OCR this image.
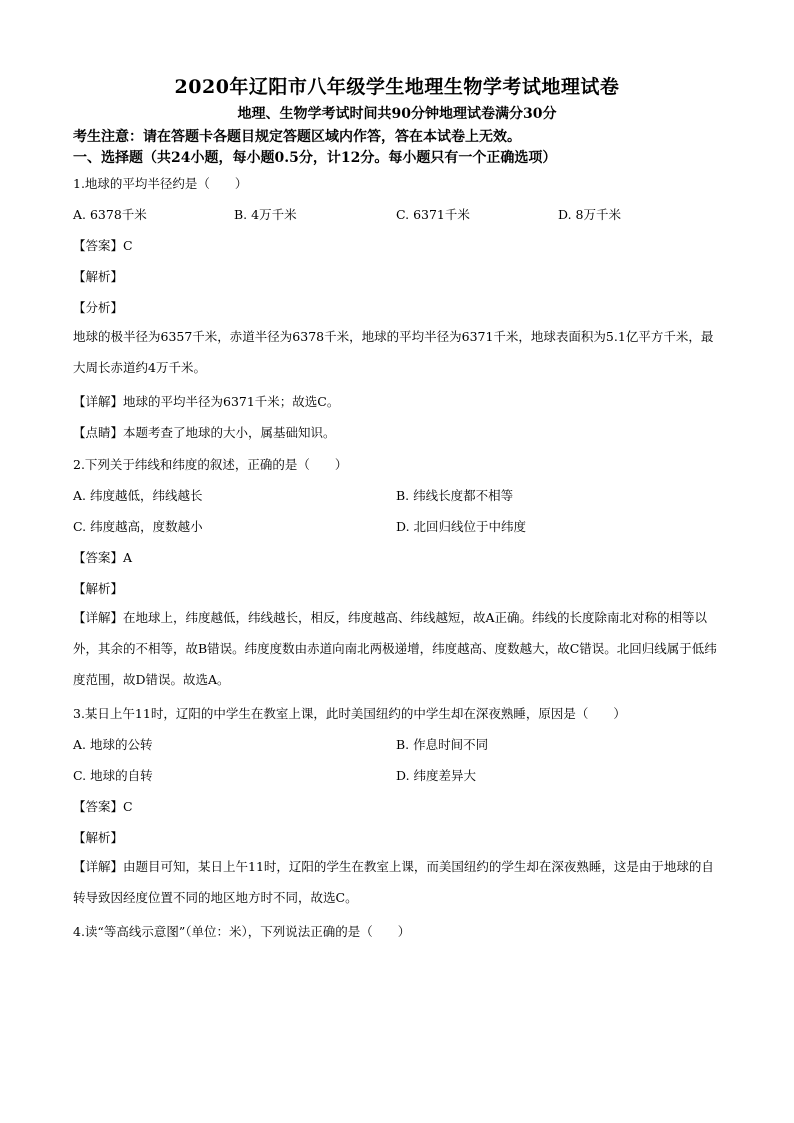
2020年辽阳市八年级学生地理生物学考试地理试卷
地理、生物学考试时间共90分钟地理试卷满分30分
考生注意：请在答题卡各题目规定答题区域内作答，答在本试卷上无效。
一、选择题（共24小题，每小题0.5分，计12分。每小题只有一个正确选项）
1.地球的平均半径约是（　　）
A. 6378千米	B. 4万千米	C. 6371千米	D. 8万千米
【答案】C
【解析】
【分析】
地球的极半径为6357千米，赤道半径为6378千米，地球的平均半径为6371千米，地球表面积为5.1亿平方千米，最大周长赤道约4万千米。
【详解】地球的平均半径为6371千米；故选C。
【点睛】本题考查了地球的大小，属基础知识。
2.下列关于纬线和纬度的叙述，正确的是（　　）
A. 纬度越低，纬线越长	B. 纬线长度都不相等
C. 纬度越高，度数越小	D. 北回归线位于中纬度
【答案】A
【解析】
【详解】在地球上，纬度越低，纬线越长，相反，纬度越高、纬线越短，故A正确。纬线的长度除南北对称的相等以外，其余的不相等，故B错误。纬度度数由赤道向南北两极递增，纬度越高、度数越大，故C错误。北回归线属于低纬度范围，故D错误。故选A。
3.某日上午11时，辽阳的中学生在教室上课，此时美国纽约的中学生却在深夜熟睡，原因是（　　）
A. 地球的公转	B. 作息时间不同
C. 地球的自转	D. 纬度差异大
【答案】C
【解析】
【详解】由题目可知，某日上午11时，辽阳的学生在教室上课，而美国纽约的学生却在深夜熟睡，这是由于地球的自转导致因经度位置不同的地区地方时不同，故选C。
4.读“等高线示意图”（单位：米），下列说法正确的是（　　）
